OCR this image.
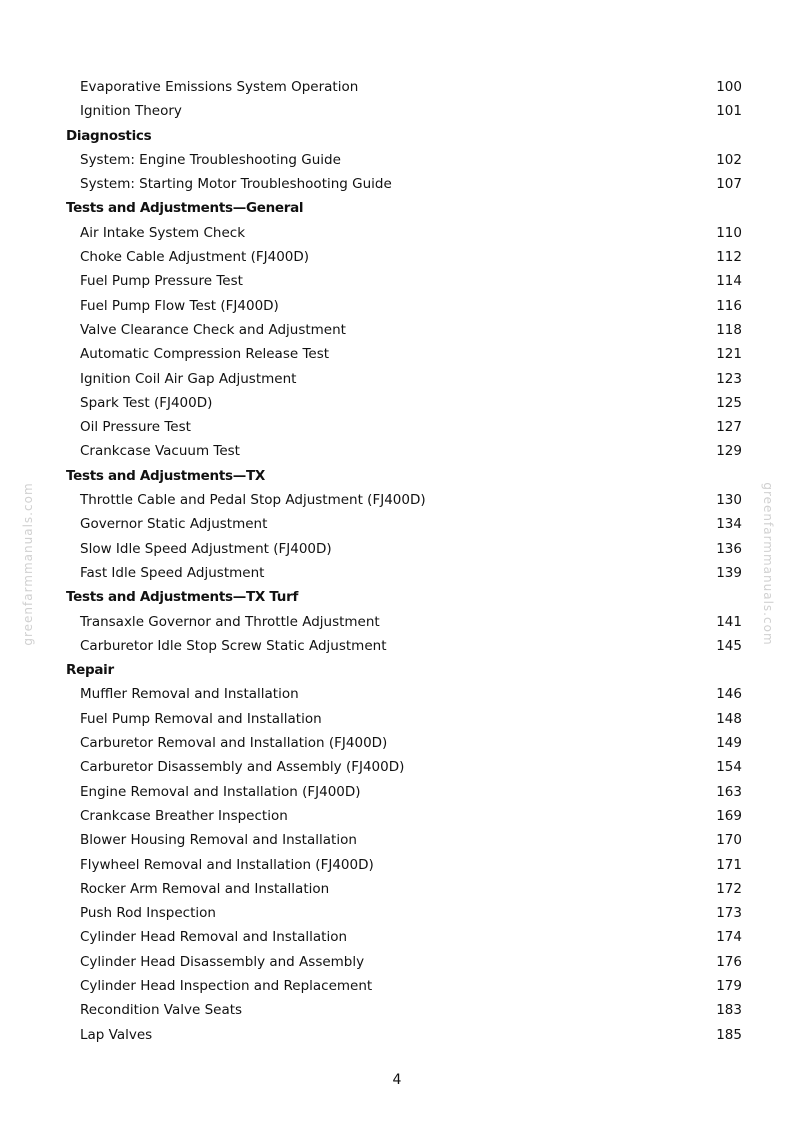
greenfarmmanuals.com	greenfarmmanuals.com
Evaporative Emissions System Operation	100
Ignition Theory	101
Diagnostics
System: Engine Troubleshooting Guide	102
System: Starting Motor Troubleshooting Guide	107
Tests and Adjustments—General
Air Intake System Check	110
Choke Cable Adjustment (FJ400D)	112
Fuel Pump Pressure Test	114
Fuel Pump Flow Test (FJ400D)	116
Valve Clearance Check and Adjustment	118
Automatic Compression Release Test	121
Ignition Coil Air Gap Adjustment	123
Spark Test (FJ400D)	125
Oil Pressure Test	127
Crankcase Vacuum Test	129
Tests and Adjustments—TX
Throttle Cable and Pedal Stop Adjustment (FJ400D)	130
Governor Static Adjustment	134
Slow Idle Speed Adjustment (FJ400D)	136
Fast Idle Speed Adjustment	139
Tests and Adjustments—TX Turf
Transaxle Governor and Throttle Adjustment	141
Carburetor Idle Stop Screw Static Adjustment	145
Repair
Muffler Removal and Installation	146
Fuel Pump Removal and Installation	148
Carburetor Removal and Installation (FJ400D)	149
Carburetor Disassembly and Assembly (FJ400D)	154
Engine Removal and Installation (FJ400D)	163
Crankcase Breather Inspection	169
Blower Housing Removal and Installation	170
Flywheel Removal and Installation (FJ400D)	171
Rocker Arm Removal and Installation	172
Push Rod Inspection	173
Cylinder Head Removal and Installation	174
Cylinder Head Disassembly and Assembly	176
Cylinder Head Inspection and Replacement	179
Recondition Valve Seats	183
Lap Valves	185
4
